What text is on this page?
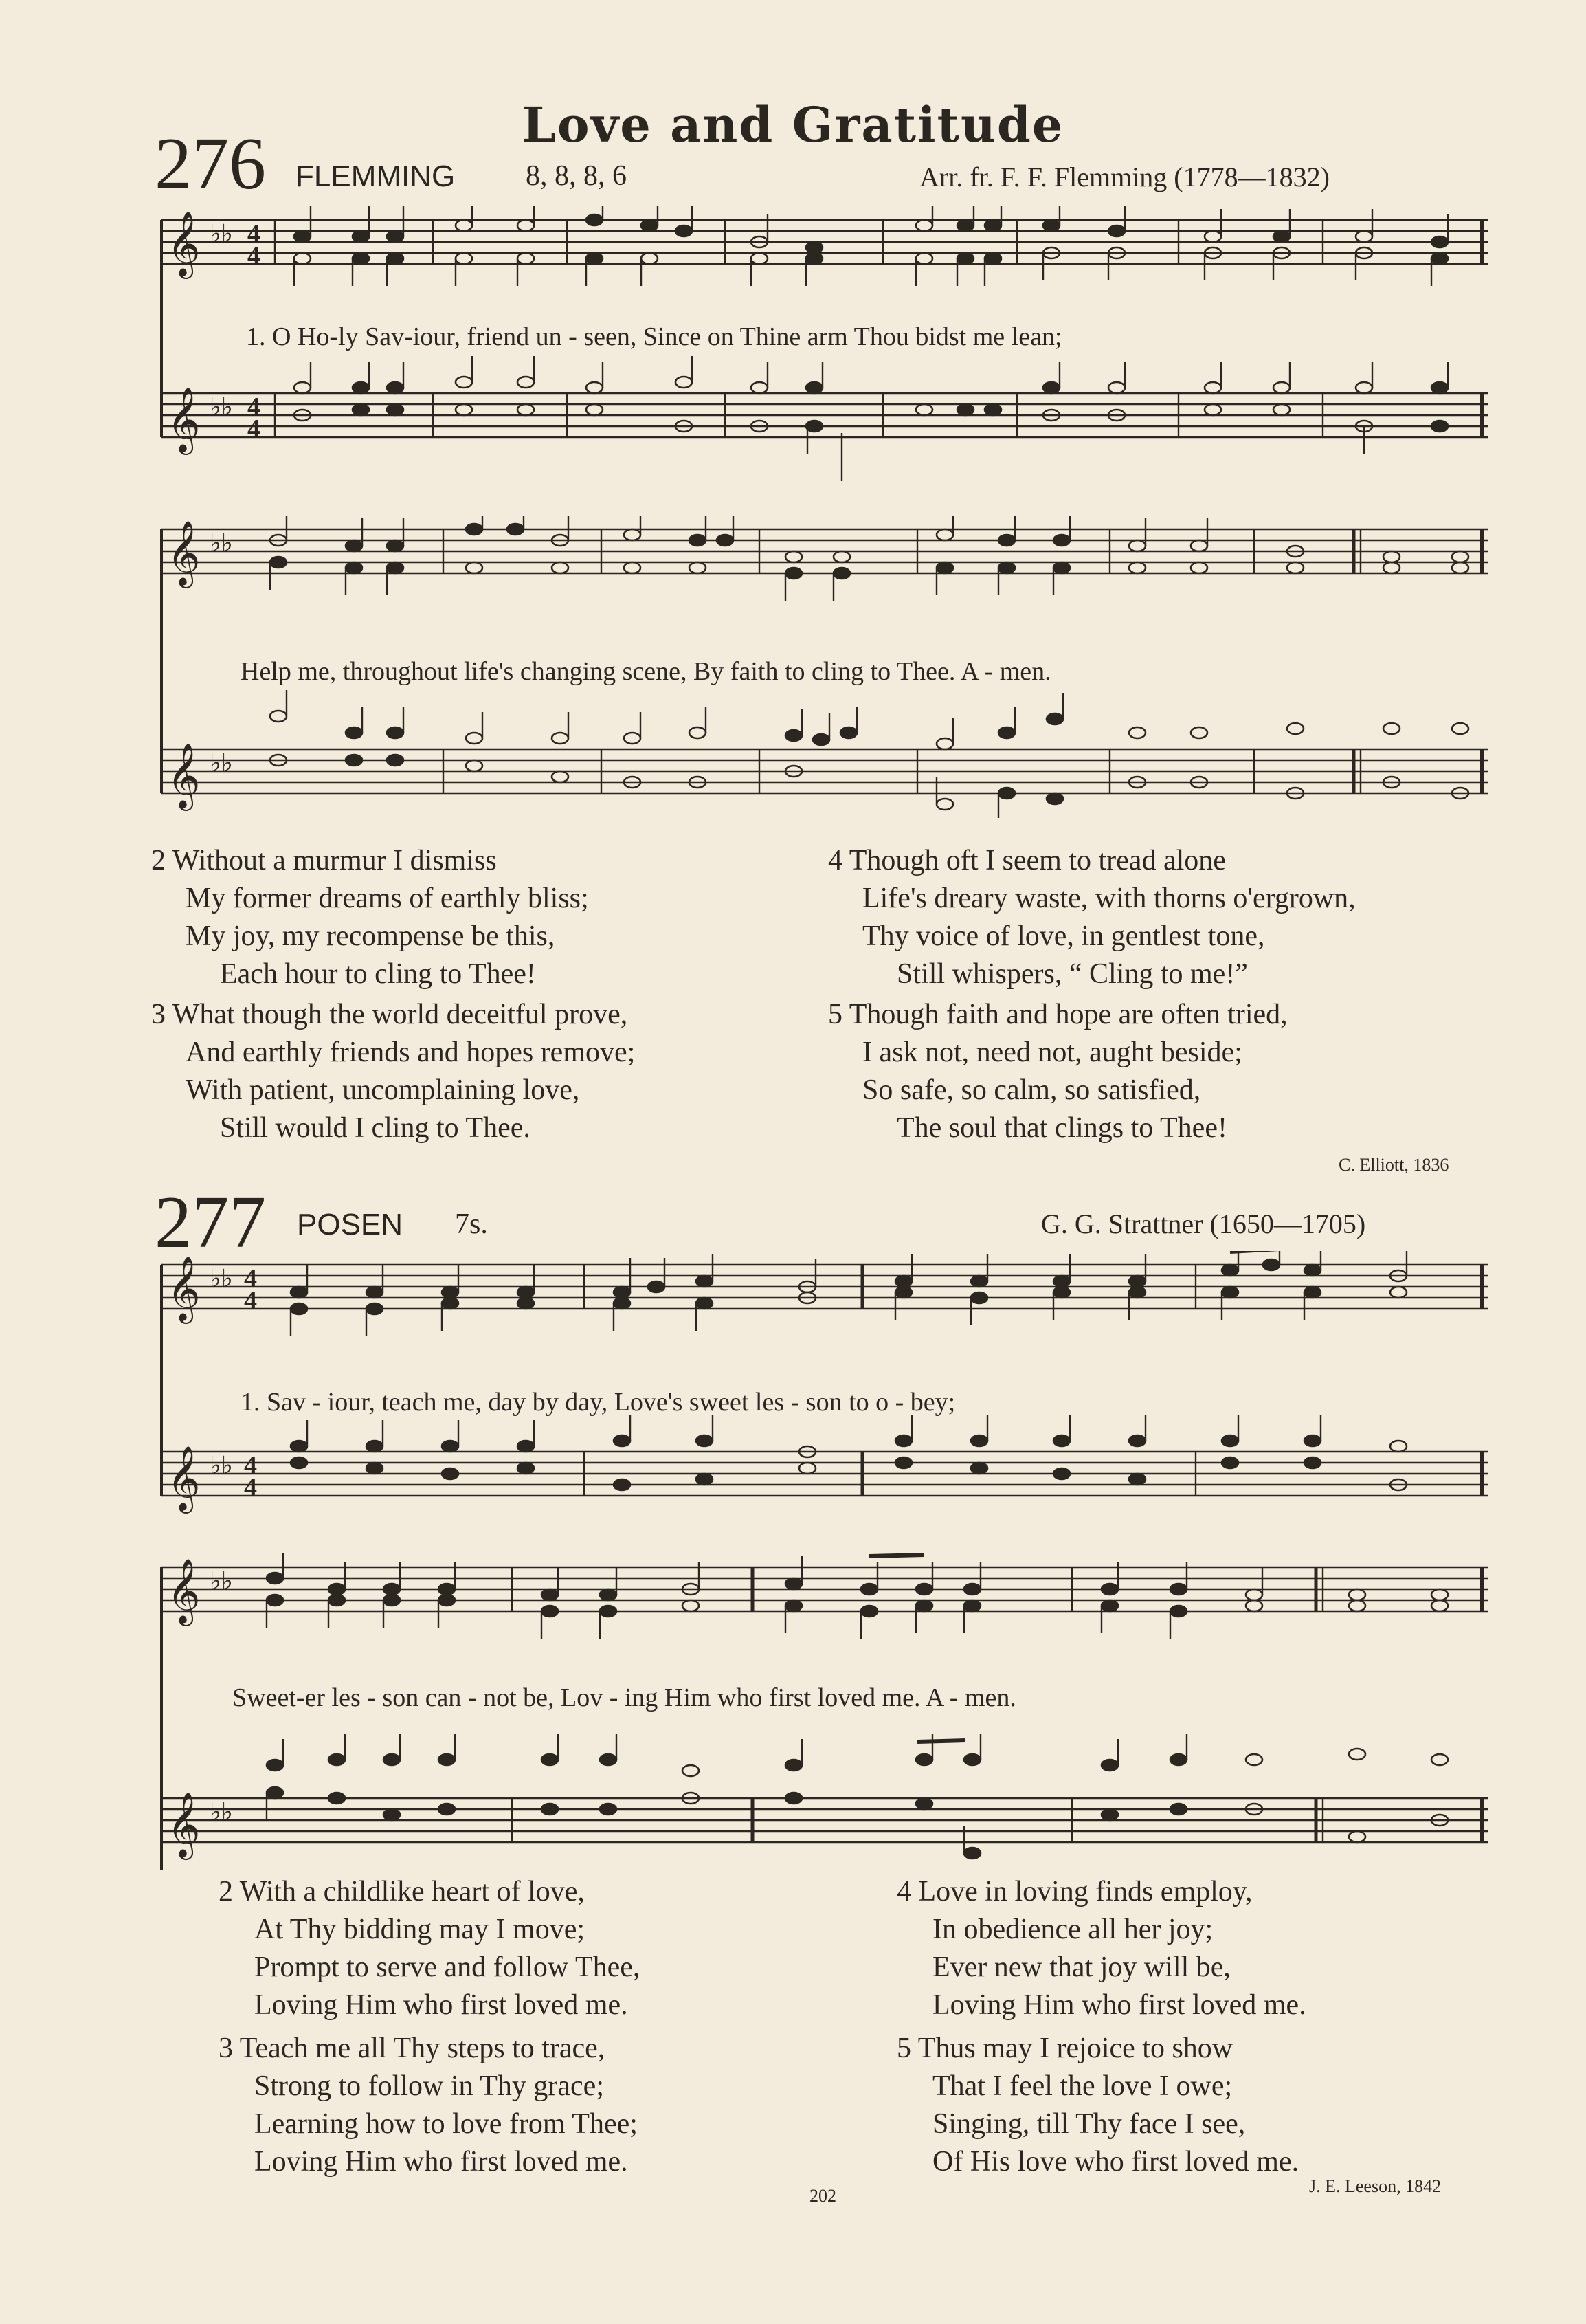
Love and Gratitude
276 FLEMMING 8, 8, 8, 6	Arr. fr. F. F. Flemming (1778—1832)
𝄞
𝄞
♭♭
♭♭
4
4
4
4
1. O Ho-ly Sav-iour, friend un - seen, Since on Thine arm Thou bidst me lean;
𝄞
𝄞
♭♭
♭♭
Help me, throughout life's changing scene, By faith to cling to Thee. A - men.
2 Without a murmur I dismiss
My former dreams of earthly bliss;
My joy, my recompense be this,
Each hour to cling to Thee!
3 What though the world deceitful prove,
And earthly friends and hopes remove;
With patient, uncomplaining love,
Still would I cling to Thee.
4 Though oft I seem to tread alone
Life's dreary waste, with thorns o'ergrown,
Thy voice of love, in gentlest tone,
Still whispers, “ Cling to me!”
5 Though faith and hope are often tried,
I ask not, need not, aught beside;
So safe, so calm, so satisfied,
The soul that clings to Thee!
C. Elliott, 1836
277 POSEN 7s.	G. G. Strattner (1650—1705)
𝄞
𝄞
♭♭
♭♭
4
4
4
4
1. Sav - iour, teach me, day by day, Love's sweet les - son to o - bey;
𝄞
𝄞
♭♭
♭♭
Sweet-er les - son can - not be, Lov - ing Him who first loved me. A - men.
2 With a childlike heart of love,
At Thy bidding may I move;
Prompt to serve and follow Thee,
Loving Him who first loved me.
3 Teach me all Thy steps to trace,
Strong to follow in Thy grace;
Learning how to love from Thee;
Loving Him who first loved me.
4 Love in loving finds employ,
In obedience all her joy;
Ever new that joy will be,
Loving Him who first loved me.
5 Thus may I rejoice to show
That I feel the love I owe;
Singing, till Thy face I see,
Of His love who first loved me.
J. E. Leeson, 1842
202
